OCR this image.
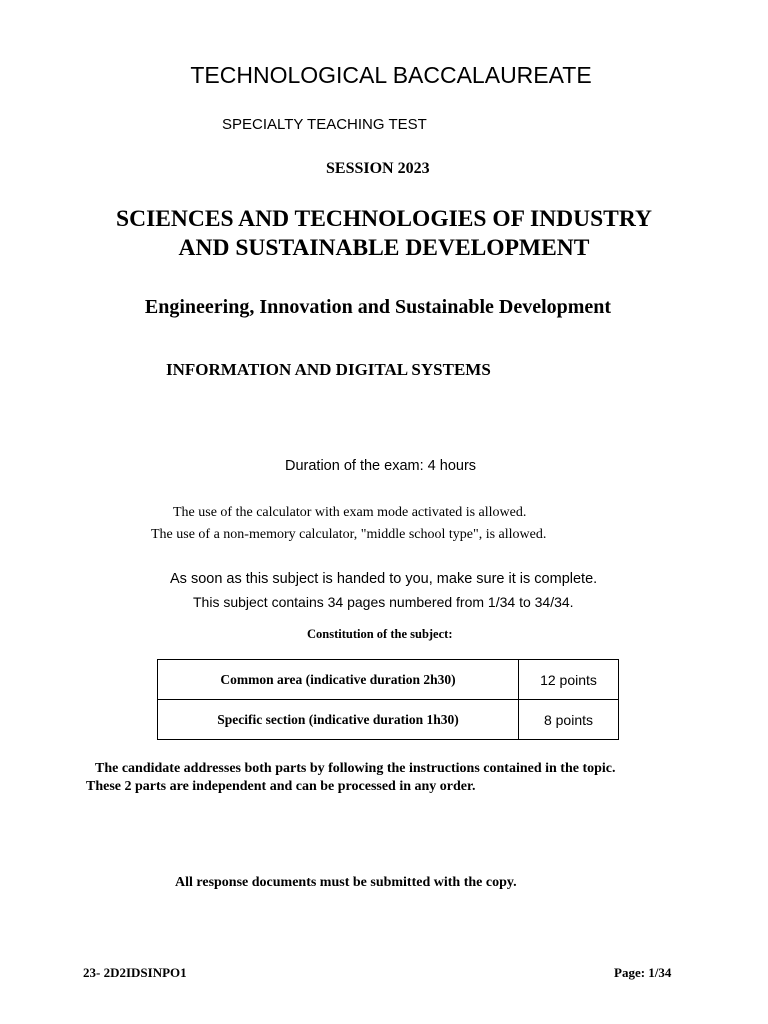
TECHNOLOGICAL BACCALAUREATE
SPECIALTY TEACHING TEST
SESSION 2023
SCIENCES AND TECHNOLOGIES OF INDUSTRY
AND SUSTAINABLE DEVELOPMENT
Engineering, Innovation and Sustainable Development
INFORMATION AND DIGITAL SYSTEMS
Duration of the exam: 4 hours
The use of the calculator with exam mode activated is allowed.
The use of a non-memory calculator, "middle school type", is allowed.
As soon as this subject is handed to you, make sure it is complete.
This subject contains 34 pages numbered from 1/34 to 34/34.
Constitution of the subject:
Common area (indicative duration 2h30)	12 points
Specific section (indicative duration 1h30)	8 points
The candidate addresses both parts by following the instructions contained in the topic.
These 2 parts are independent and can be processed in any order.
All response documents must be submitted with the copy.
23- 2D2IDSINPO1	Page: 1/34
